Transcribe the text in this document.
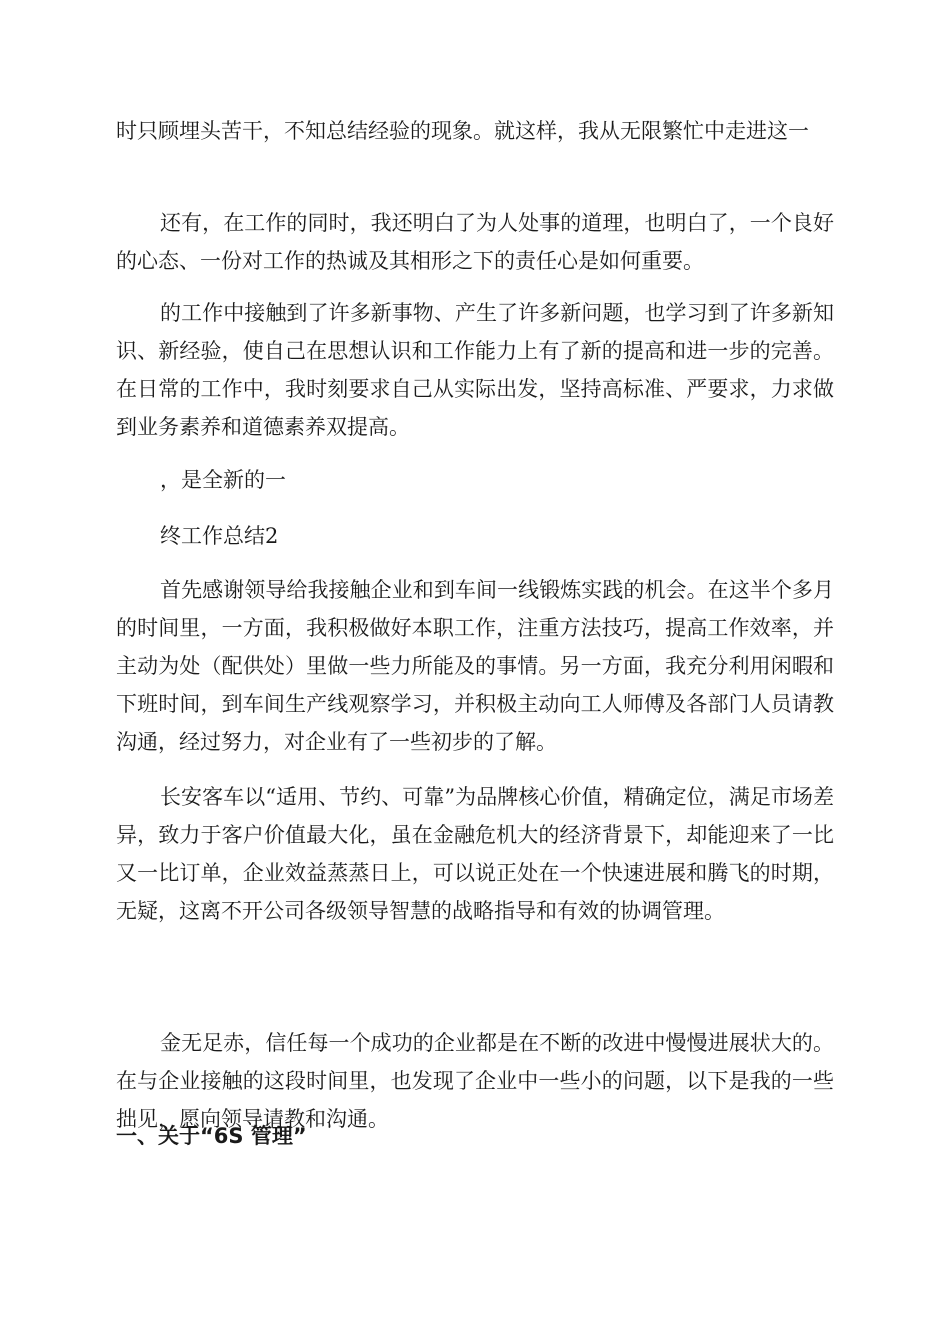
时只顾埋头苦干，不知总结经验的现象。就这样，我从无限繁忙中走进这一

还有，在工作的同时，我还明白了为人处事的道理，也明白了，一个良好的心态、一份对工作的热诚及其相形之下的责任心是如何重要。

的工作中接触到了许多新事物、产生了许多新问题，也学习到了许多新知识、新经验，使自己在思想认识和工作能力上有了新的提高和进一步的完善。在日常的工作中，我时刻要求自己从实际出发，坚持高标准、严要求，力求做到业务素养和道德素养双提高。

，是全新的一

终工作总结2

首先感谢领导给我接触企业和到车间一线锻炼实践的机会。在这半个多月的时间里，一方面，我积极做好本职工作，注重方法技巧，提高工作效率，并主动为处（配供处）里做一些力所能及的事情。另一方面，我充分利用闲暇和下班时间，到车间生产线观察学习，并积极主动向工人师傅及各部门人员请教沟通，经过努力，对企业有了一些初步的了解。

长安客车以“适用、节约、可靠”为品牌核心价值，精确定位，满足市场差异，致力于客户价值最大化，虽在金融危机大的经济背景下，却能迎来了一比又一比订单，企业效益蒸蒸日上，可以说正处在一个快速进展和腾飞的时期，无疑，这离不开公司各级领导智慧的战略指导和有效的协调管理。

金无足赤，信任每一个成功的企业都是在不断的改进中慢慢进展状大的。在与企业接触的这段时间里，也发现了企业中一些小的问题，以下是我的一些拙见，愿向领导请教和沟通。

一、关于“6S 管理”
